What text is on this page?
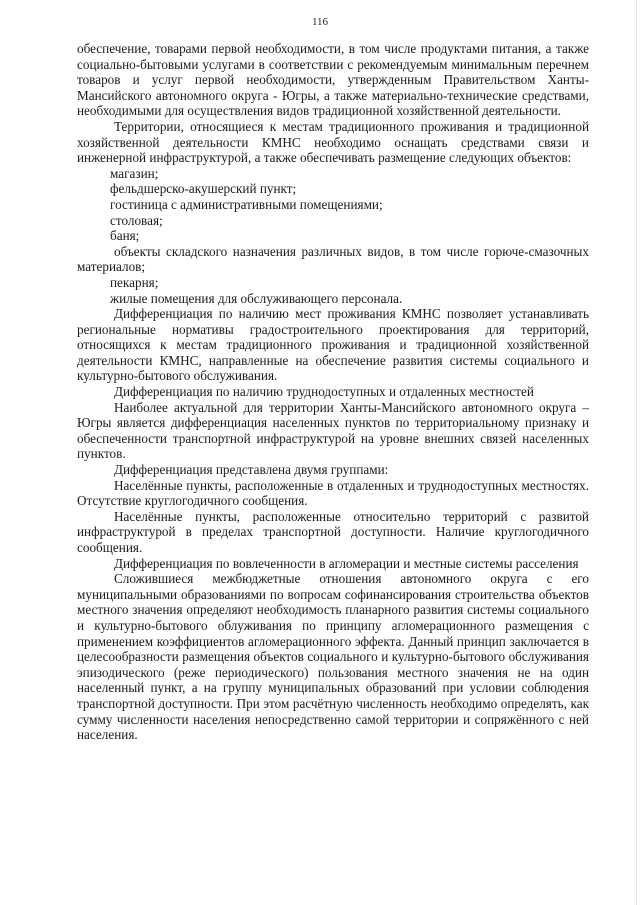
116

обеспечение, товарами первой необходимости, в том числе продуктами питания, а также социально-бытовыми услугами в соответствии с рекомендуемым минимальным перечнем товаров и услуг первой необходимости, утвержденным Правительством Ханты-Мансийского автономного округа - Югры, а также материально-технические средствами, необходимыми для осуществления видов традиционной хозяйственной деятельности.

Территории, относящиеся к местам традиционного проживания и традиционной хозяйственной деятельности КМНС необходимо оснащать средствами связи и инженерной инфраструктурой, а также обеспечивать размещение следующих объектов:

магазин;

фельдшерско-акушерский пункт;

гостиница с административными помещениями;

столовая;

баня;

объекты складского назначения различных видов, в том числе горюче-смазочных материалов;

пекарня;

жилые помещения для обслуживающего персонала.

Дифференциация по наличию мест проживания КМНС позволяет устанавливать региональные нормативы градостроительного проектирования для территорий, относящихся к местам традиционного проживания и традиционной хозяйственной деятельности КМНС, направленные на обеспечение развития системы социального и культурно-бытового обслуживания.

Дифференциация по наличию труднодоступных и отдаленных местностей

Наиболее актуальной для территории Ханты-Мансийского автономного округа – Югры является дифференциация населенных пунктов по территориальному признаку и обеспеченности транспортной инфраструктурой на уровне внешних связей населенных пунктов.

Дифференциация представлена двумя группами:

Населённые пункты, расположенные в отдаленных и труднодоступных местностях. Отсутствие круглогодичного сообщения.

Населённые пункты, расположенные относительно территорий с развитой инфраструктурой в пределах транспортной доступности. Наличие круглогодичного сообщения.

Дифференциация по вовлеченности в агломерации и местные системы расселения

Сложившиеся межбюджетные отношения автономного округа с его муниципальными образованиями по вопросам софинансирования строительства объектов местного значения определяют необходимость планарного развития системы социального и культурно-бытового облуживания по принципу агломерационного размещения с применением коэффициентов агломерационного эффекта. Данный принцип заключается в целесообразности размещения объектов социального и культурно-бытового обслуживания эпизодического (реже периодического) пользования местного значения не на один населенный пункт, а на группу муниципальных образований при условии соблюдения транспортной доступности. При этом расчётную численность необходимо определять, как сумму численности населения непосредственно самой территории и сопряжённого с ней населения.
